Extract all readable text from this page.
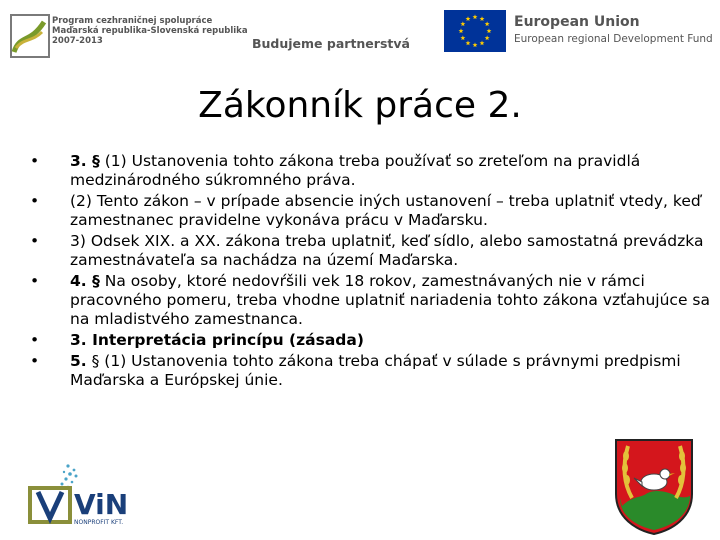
Program cezhraničnej spolupráce
Maďarská republika-Slovenská republika
2007-2013	Budujeme partnerstvá
European Union
European regional Development Fund
Zákonník práce 2.
• 3. § (1) Ustanovenia tohto zákona treba používať so zreteľom na pravidlá medzinárodného súkromného práva.
• (2) Tento zákon – v prípade absencie iných ustanovení – treba uplatniť vtedy, keď zamestnanec pravidelne vykonáva prácu v Maďarsku.
• 3) Odsek XIX. a XX. zákona treba uplatniť, keď sídlo, alebo samostatná prevádzka zamestnávateľa sa nachádza na území Maďarska.
• 4. § Na osoby, ktoré nedovŕšili vek 18 rokov, zamestnávaných nie v rámci pracovného pomeru, treba vhodne uplatniť nariadenia tohto zákona vzťahujúce sa na mladistvého zamestnanca.
• 3. Interpretácia princípu (zásada)
• 5. § (1) Ustanovenia tohto zákona treba chápať v súlade s právnymi predpismi Maďarska a Európskej únie.
ViN
NONPROFIT KFT.
